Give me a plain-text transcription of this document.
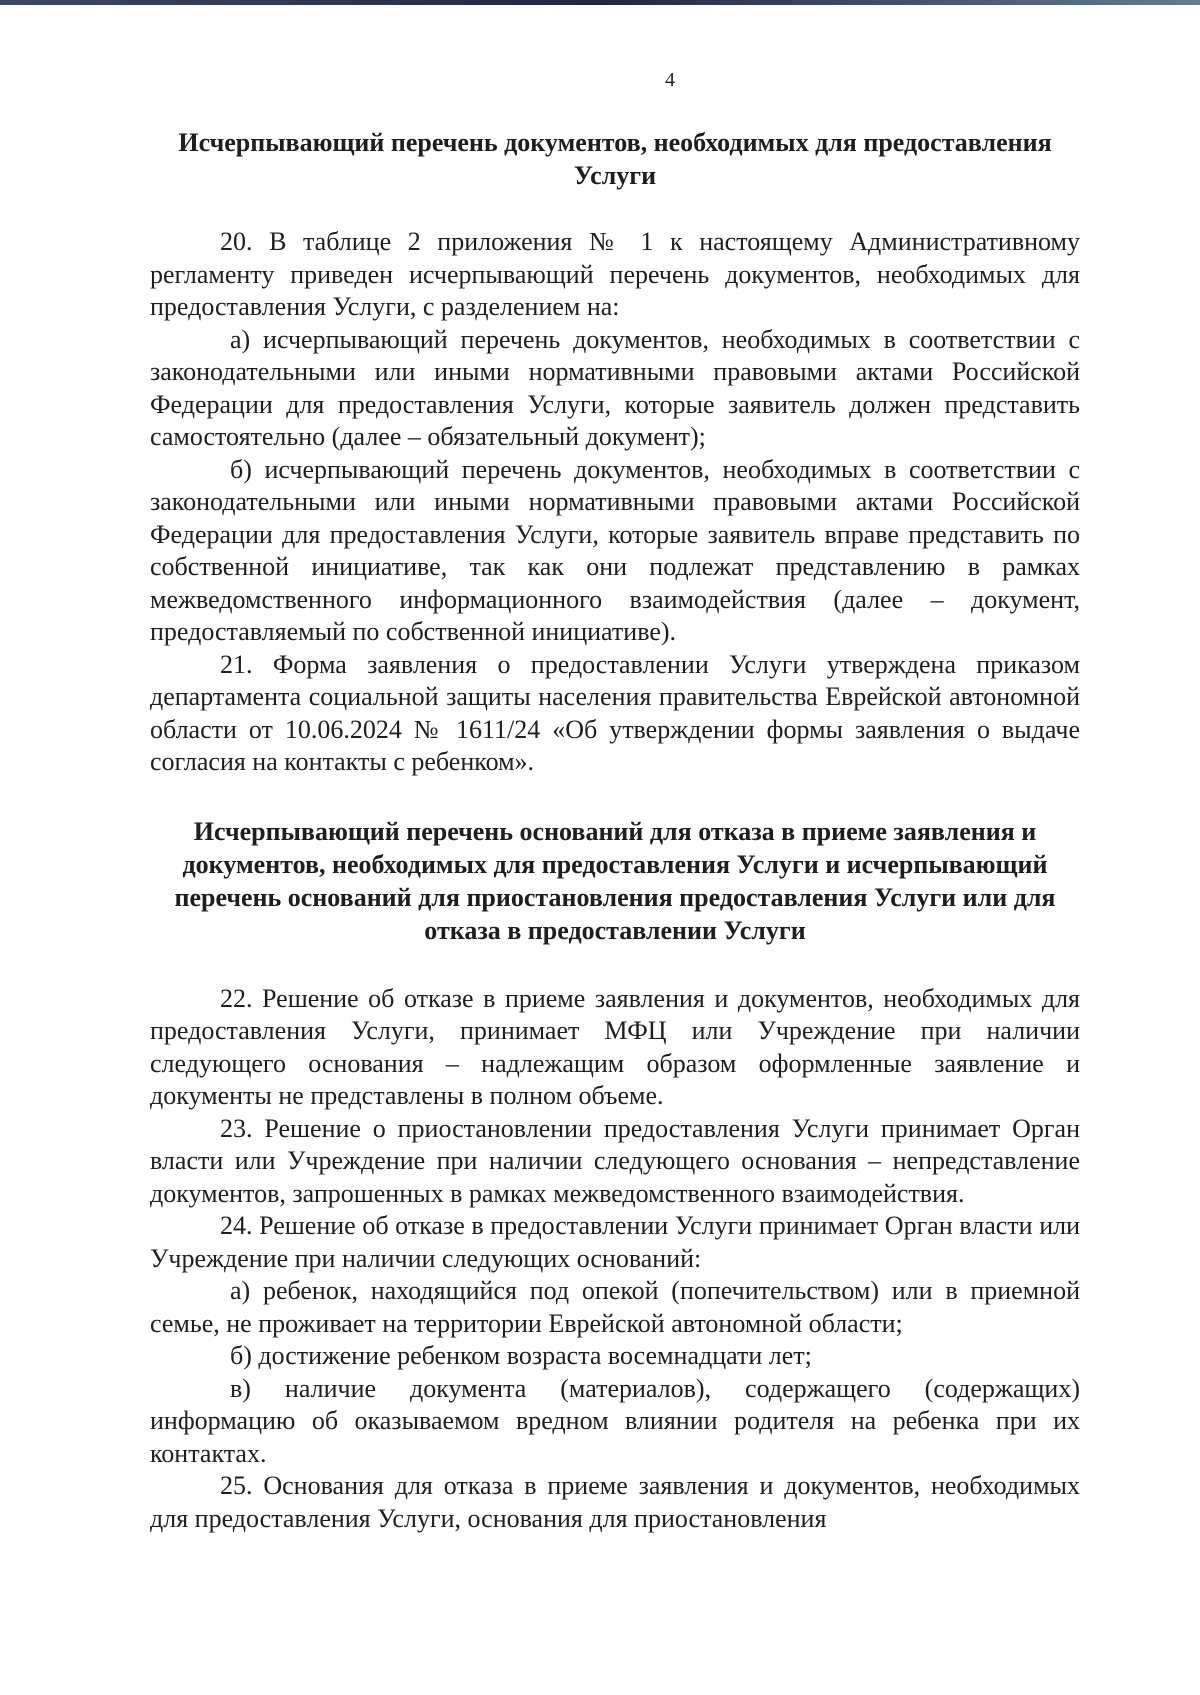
4
Исчерпывающий перечень документов, необходимых для предоставления Услуги

20. В таблице 2 приложения № 1 к настоящему Административному регламенту приведен исчерпывающий перечень документов, необходимых для предоставления Услуги, с разделением на:

а) исчерпывающий перечень документов, необходимых в соответствии с законодательными или иными нормативными правовыми актами Российской Федерации для предоставления Услуги, которые заявитель должен представить самостоятельно (далее – обязательный документ);

б) исчерпывающий перечень документов, необходимых в соответствии с законодательными или иными нормативными правовыми актами Российской Федерации для предоставления Услуги, которые заявитель вправе представить по собственной инициативе, так как они подлежат представлению в рамках межведомственного информационного взаимодействия (далее – документ, предоставляемый по собственной инициативе).

21. Форма заявления о предоставлении Услуги утверждена приказом департамента социальной защиты населения правительства Еврейской автономной области от 10.06.2024 № 1611/24 «Об утверждении формы заявления о выдаче согласия на контакты с ребенком».

Исчерпывающий перечень оснований для отказа в приеме заявления и документов, необходимых для предоставления Услуги и исчерпывающий перечень оснований для приостановления предоставления Услуги или для отказа в предоставлении Услуги

22. Решение об отказе в приеме заявления и документов, необходимых для предоставления Услуги, принимает МФЦ или Учреждение при наличии следующего основания – надлежащим образом оформленные заявление и документы не представлены в полном объеме.

23. Решение о приостановлении предоставления Услуги принимает Орган власти или Учреждение при наличии следующего основания – непредставление документов, запрошенных в рамках межведомственного взаимодействия.

24. Решение об отказе в предоставлении Услуги принимает Орган власти или Учреждение при наличии следующих оснований:

а) ребенок, находящийся под опекой (попечительством) или в приемной семье, не проживает на территории Еврейской автономной области;

б) достижение ребенком возраста восемнадцати лет;

в) наличие документа (материалов), содержащего (содержащих) информацию об оказываемом вредном влиянии родителя на ребенка при их контактах.

25. Основания для отказа в приеме заявления и документов, необходимых для предоставления Услуги, основания для приостановления
